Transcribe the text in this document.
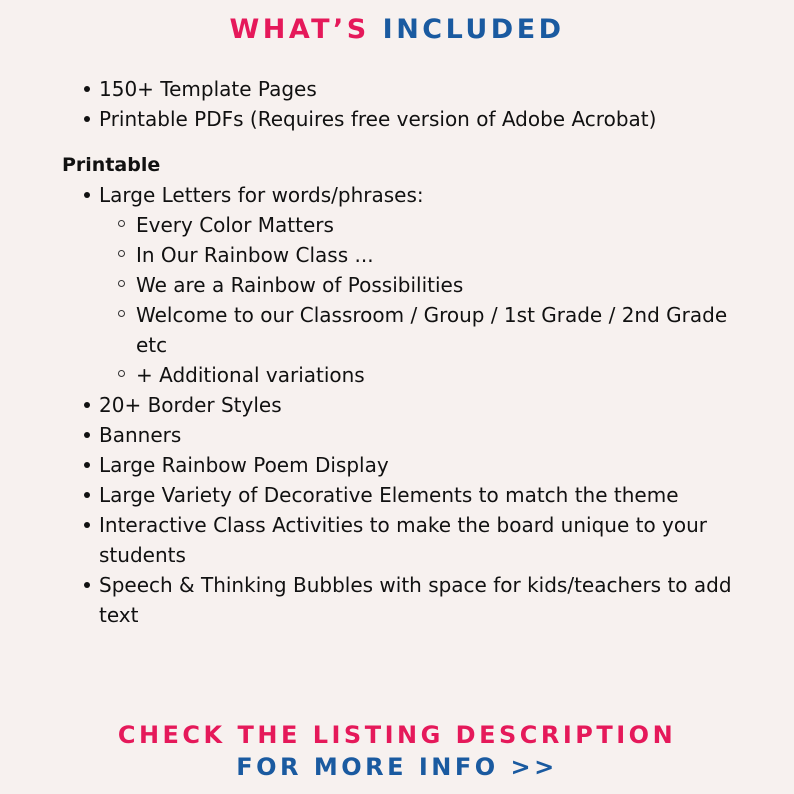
WHAT’S INCLUDED
150+ Template Pages
Printable PDFs (Requires free version of Adobe Acrobat)
Printable
Large Letters for words/phrases:
Every Color Matters
In Our Rainbow Class ...
We are a Rainbow of Possibilities
Welcome to our Classroom / Group / 1st Grade / 2nd Grade etc
+ Additional variations
20+ Border Styles
Banners
Large Rainbow Poem Display
Large Variety of Decorative Elements to match the theme
Interactive Class Activities to make the board unique to your students
Speech & Thinking Bubbles with space for kids/teachers to add text
CHECK THE LISTING DESCRIPTION
FOR MORE INFO >>
